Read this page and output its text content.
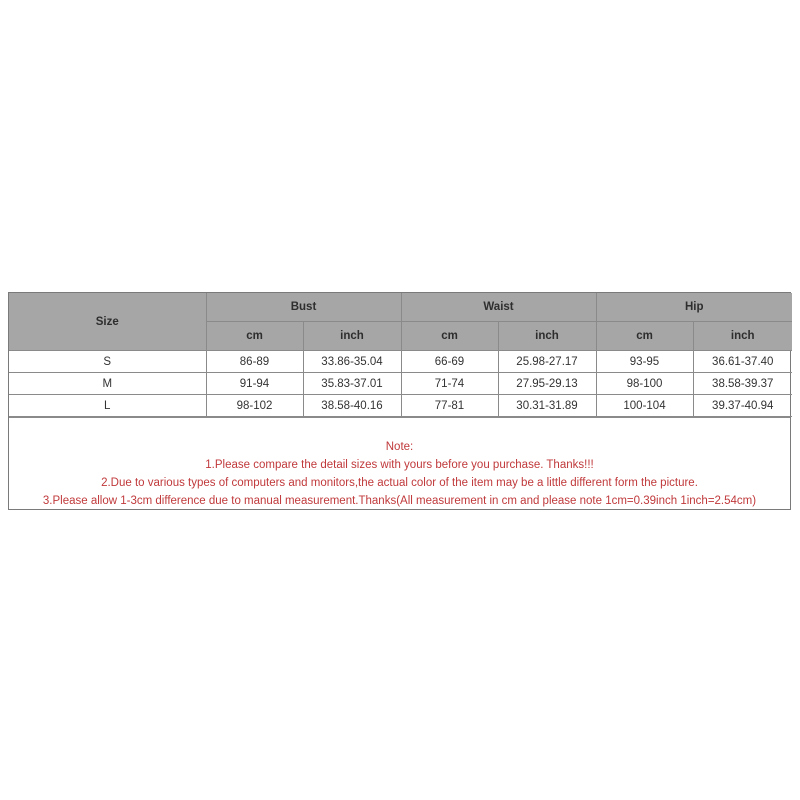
Size	Bust		Waist		Hip	
	cm	inch	cm	inch	cm	inch
S	86-89	33.86-35.04	66-69	25.98-27.17	93-95	36.61-37.40
M	91-94	35.83-37.01	71-74	27.95-29.13	98-100	38.58-39.37
L	98-102	38.58-40.16	77-81	30.31-31.89	100-104	39.37-40.94
Note:
1.Please compare the detail sizes with yours before you purchase. Thanks!!!
2.Due to various types of computers and monitors,the actual color of the item may be a little different form the picture.
3.Please allow 1-3cm difference due to manual measurement.Thanks(All measurement in cm and please note 1cm=0.39inch 1inch=2.54cm)
